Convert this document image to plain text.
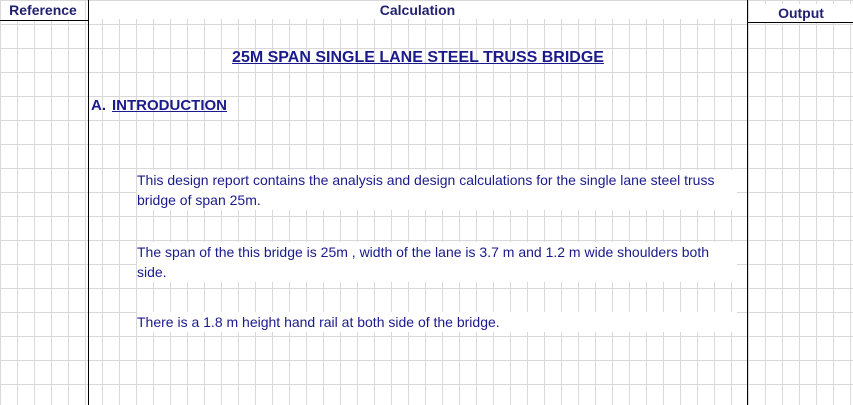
Reference	Calculation	Output
25M SPAN SINGLE LANE STEEL TRUSS BRIDGE
A. INTRODUCTION
This design report contains the analysis and design calculations for the single lane steel truss bridge of span 25m.
The span of the this bridge is 25m , width of the lane is 3.7 m and 1.2 m wide shoulders both side.
There is a 1.8 m height hand rail at both side of the bridge.
